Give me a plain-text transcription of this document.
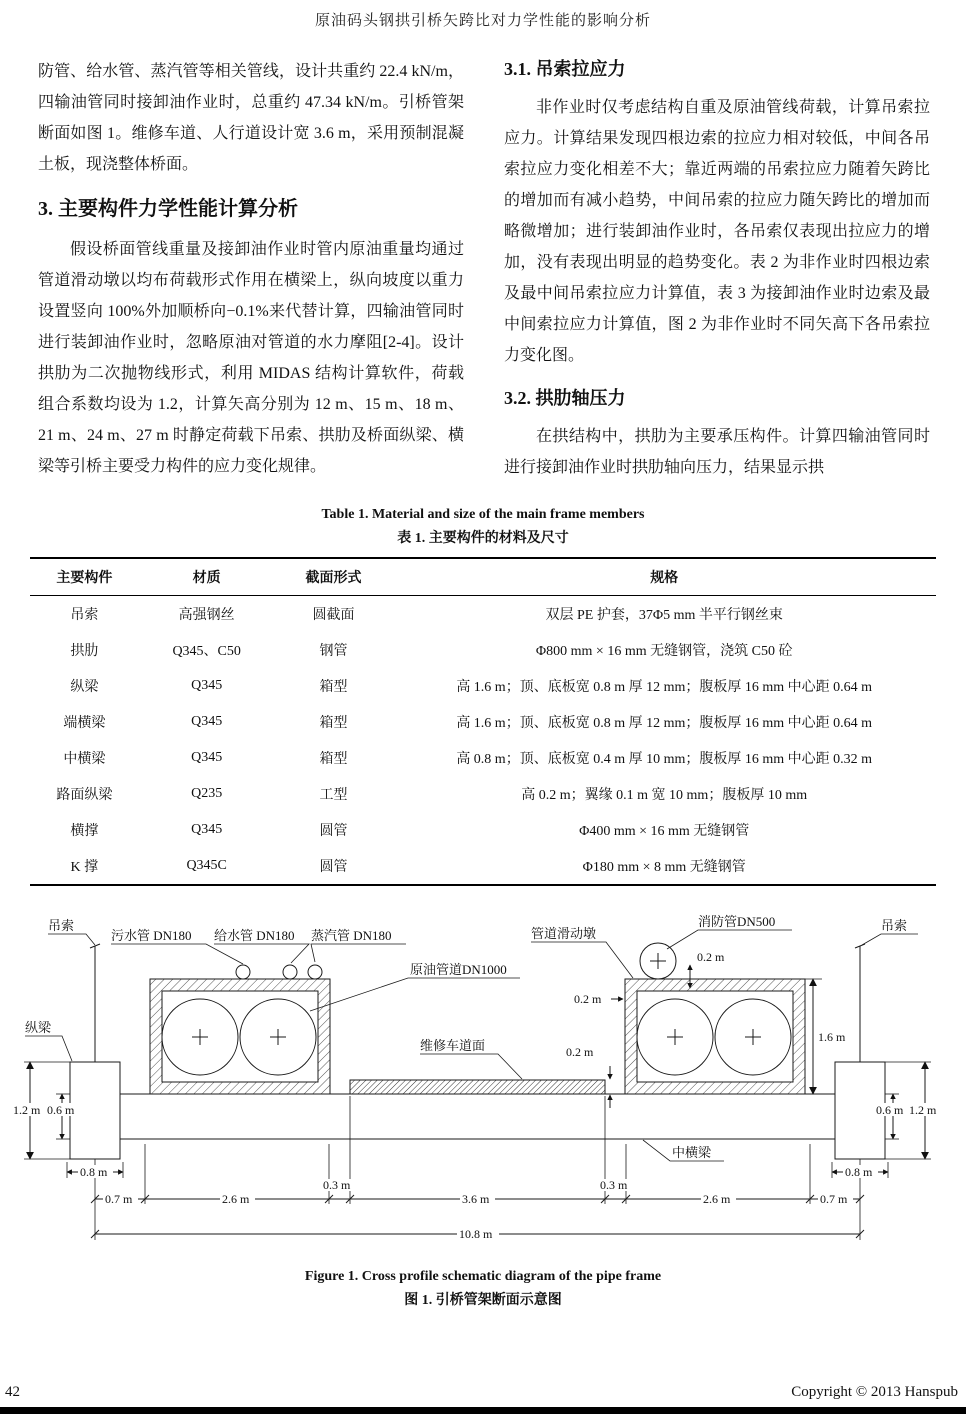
原油码头钢拱引桥矢跨比对力学性能的影响分析

防管、给水管、蒸汽管等相关管线，设计共重约 22.4 kN/m，四输油管同时接卸油作业时，总重约 47.34 kN/m。引桥管架断面如图 1。维修车道、人行道设计宽 3.6 m，采用预制混凝土板，现浇整体桥面。

3. 主要构件力学性能计算分析

假设桥面管线重量及接卸油作业时管内原油重量均通过管道滑动墩以均布荷载形式作用在横梁上，纵向坡度以重力设置竖向 100%外加顺桥向−0.1%来代替计算，四输油管同时进行装卸油作业时，忽略原油对管道的水力摩阻[2-4]。设计拱肋为二次抛物线形式，利用 MIDAS 结构计算软件，荷载组合系数均设为 1.2，计算矢高分别为 12 m、15 m、18 m、21 m、24 m、27 m 时静定荷载下吊索、拱肋及桥面纵梁、横梁等引桥主要受力构件的应力变化规律。

3.1. 吊索拉应力

非作业时仅考虑结构自重及原油管线荷载，计算吊索拉应力。计算结果发现四根边索的拉应力相对较低，中间各吊索拉应力变化相差不大；靠近两端的吊索拉应力随着矢跨比的增加而有减小趋势，中间吊索的拉应力随矢跨比的增加而略微增加；进行装卸油作业时，各吊索仅表现出拉应力的增加，没有表现出明显的趋势变化。表 2 为非作业时四根边索及最中间吊索拉应力计算值，表 3 为接卸油作业时边索及最中间索拉应力计算值，图 2 为非作业时不同矢高下各吊索拉力变化图。

3.2. 拱肋轴压力

在拱结构中，拱肋为主要承压构件。计算四输油管同时进行接卸油作业时拱肋轴向压力，结果显示拱

Table 1. Material and size of the main frame members
表 1. 主要构件的材料及尺寸
主要构件	材质	截面形式	规格
吊索	高强钢丝	圆截面	双层 PE 护套，37Φ5 mm 半平行钢丝束
拱肋	Q345、C50	钢管	Φ800 mm × 16 mm 无缝钢管，浇筑 C50 砼
纵梁	Q345	箱型	高 1.6 m；顶、底板宽 0.8 m 厚 12 mm；腹板厚 16 mm 中心距 0.64 m
端横梁	Q345	箱型	高 1.6 m；顶、底板宽 0.8 m 厚 12 mm；腹板厚 16 mm 中心距 0.64 m
中横梁	Q345	箱型	高 0.8 m；顶、底板宽 0.4 m 厚 10 mm；腹板厚 16 mm 中心距 0.32 m
路面纵梁	Q235	工型	高 0.2 m；翼缘 0.1 m 宽 10 mm；腹板厚 10 mm
横撑	Q345	圆管	Φ400 mm × 16 mm 无缝钢管
K 撑	Q345C	圆管	Φ180 mm × 8 mm 无缝钢管
吊索
污水管 DN180 给水管 DN180 蒸汽管 DN180
原油管道DN1000
管道滑动墩
消防管DN500	吊索
纵梁
维修车道面
中横梁
0.2 m
0.2 m
0.2 m
1.6 m
1.2 m 0.6 m	0.6 m 1.2 m
0.8 m	0.8 m
0.7 m	2.6 m
0.3 m
3.6 m
0.3 m
2.6 m	0.7 m
10.8 m
Figure 1. Cross profile schematic diagram of the pipe frame
图 1. 引桥管架断面示意图
42	Copyright © 2013 Hanspub
